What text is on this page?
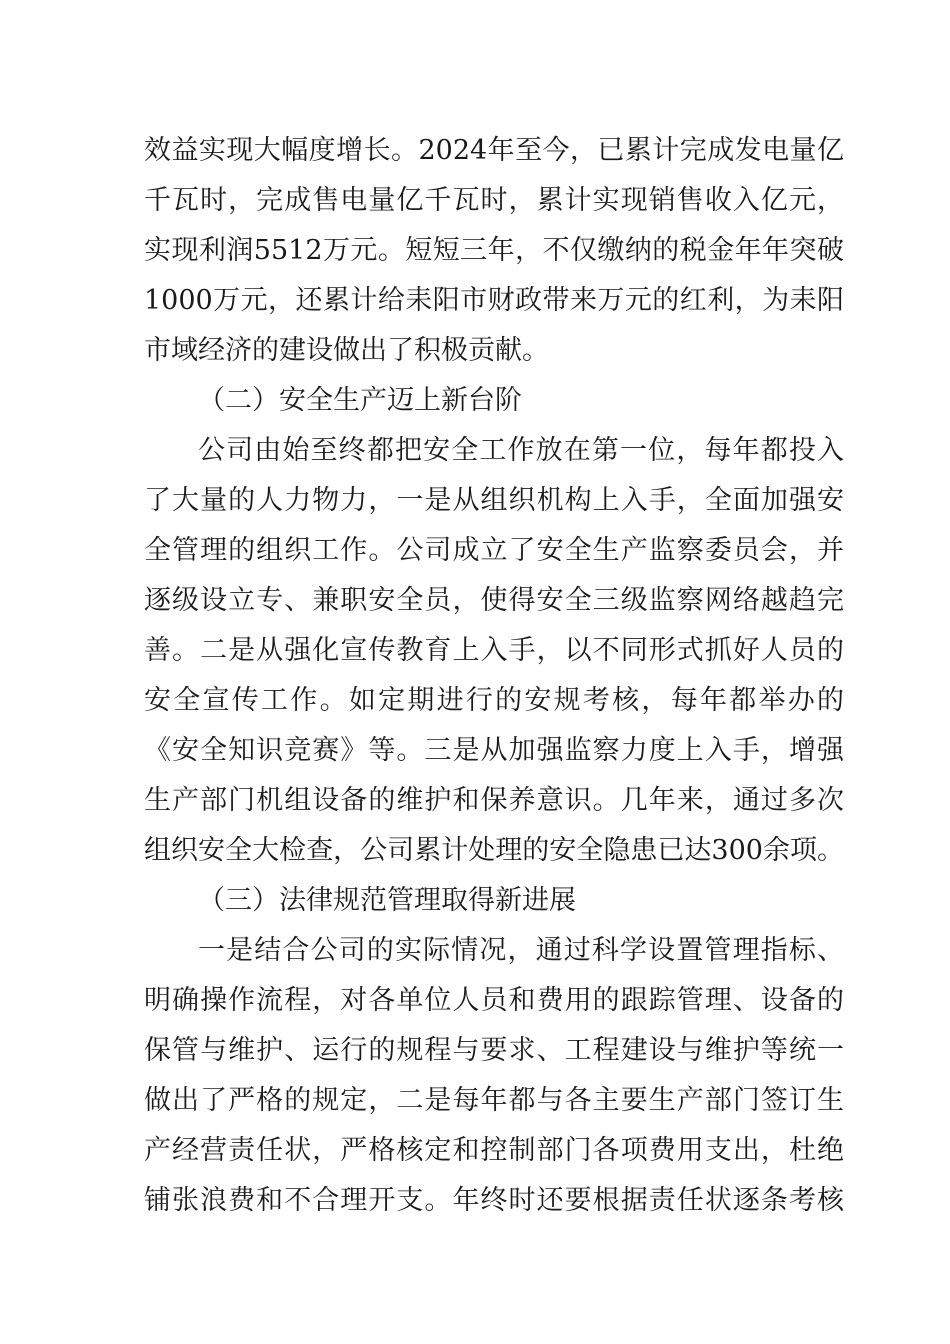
效益实现大幅度增长。2024年至今，已累计完成发电量亿
千瓦时，完成售电量亿千瓦时，累计实现销售收入亿元，
实现利润5512万元。短短三年，不仅缴纳的税金年年突破
1000万元，还累计给耒阳市财政带来万元的红利，为耒阳
市域经济的建设做出了积极贡献。
（二）安全生产迈上新台阶
公司由始至终都把安全工作放在第一位，每年都投入
了大量的人力物力，一是从组织机构上入手，全面加强安
全管理的组织工作。公司成立了安全生产监察委员会，并
逐级设立专、兼职安全员，使得安全三级监察网络越趋完
善。二是从强化宣传教育上入手，以不同形式抓好人员的
安全宣传工作。如定期进行的安规考核，每年都举办的
《安全知识竞赛》等。三是从加强监察力度上入手，增强
生产部门机组设备的维护和保养意识。几年来，通过多次
组织安全大检查，公司累计处理的安全隐患已达300余项。
（三）法律规范管理取得新进展
一是结合公司的实际情况，通过科学设置管理指标、
明确操作流程，对各单位人员和费用的跟踪管理、设备的
保管与维护、运行的规程与要求、工程建设与维护等统一
做出了严格的规定，二是每年都与各主要生产部门签订生
产经营责任状，严格核定和控制部门各项费用支出，杜绝
铺张浪费和不合理开支。年终时还要根据责任状逐条考核
